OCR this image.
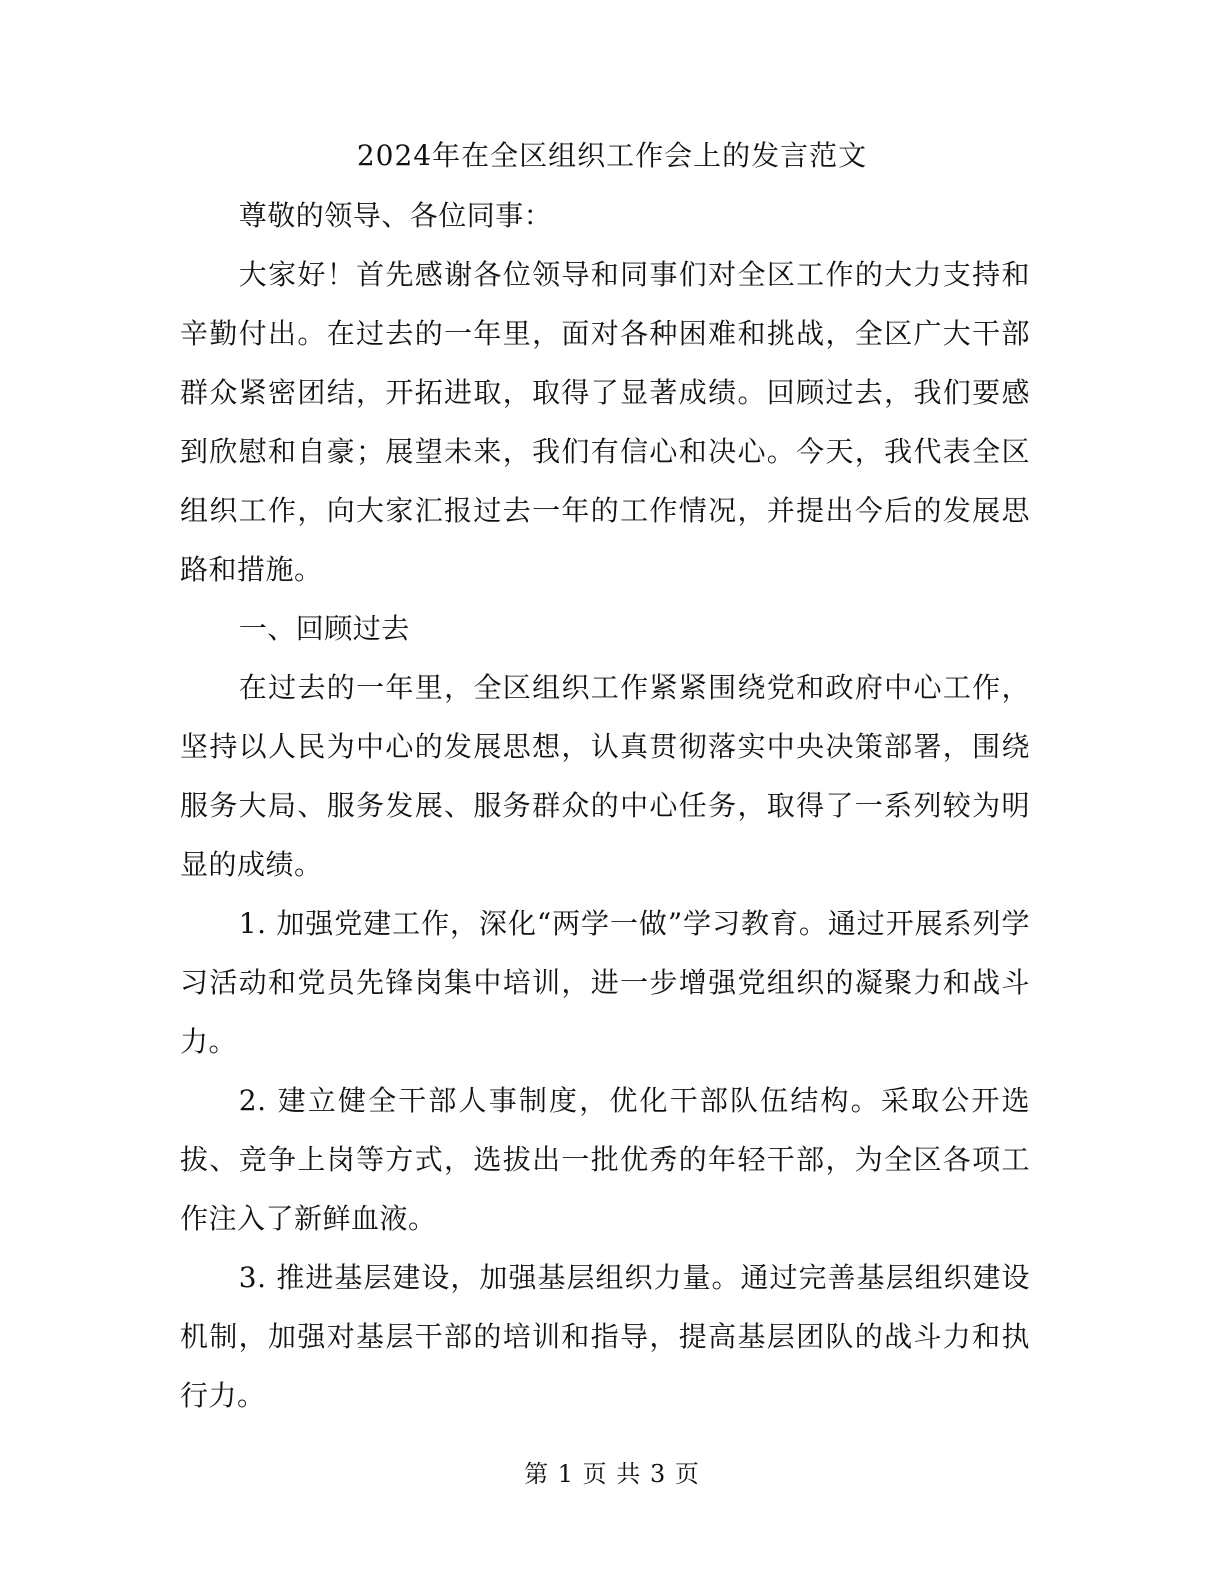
2024年在全区组织工作会上的发言范文

尊敬的领导、各位同事：

大家好！首先感谢各位领导和同事们对全区工作的大力支持和辛勤付出。在过去的一年里，面对各种困难和挑战，全区广大干部群众紧密团结，开拓进取，取得了显著成绩。回顾过去，我们要感到欣慰和自豪；展望未来，我们有信心和决心。今天，我代表全区组织工作，向大家汇报过去一年的工作情况，并提出今后的发展思路和措施。

一、回顾过去

在过去的一年里，全区组织工作紧紧围绕党和政府中心工作，坚持以人民为中心的发展思想，认真贯彻落实中央决策部署，围绕服务大局、服务发展、服务群众的中心任务，取得了一系列较为明显的成绩。

1. 加强党建工作，深化“两学一做”学习教育。通过开展系列学习活动和党员先锋岗集中培训，进一步增强党组织的凝聚力和战斗力。

2. 建立健全干部人事制度，优化干部队伍结构。采取公开选拔、竞争上岗等方式，选拔出一批优秀的年轻干部，为全区各项工作注入了新鲜血液。

3. 推进基层建设，加强基层组织力量。通过完善基层组织建设机制，加强对基层干部的培训和指导，提高基层团队的战斗力和执行力。

第 1 页 共 3 页
